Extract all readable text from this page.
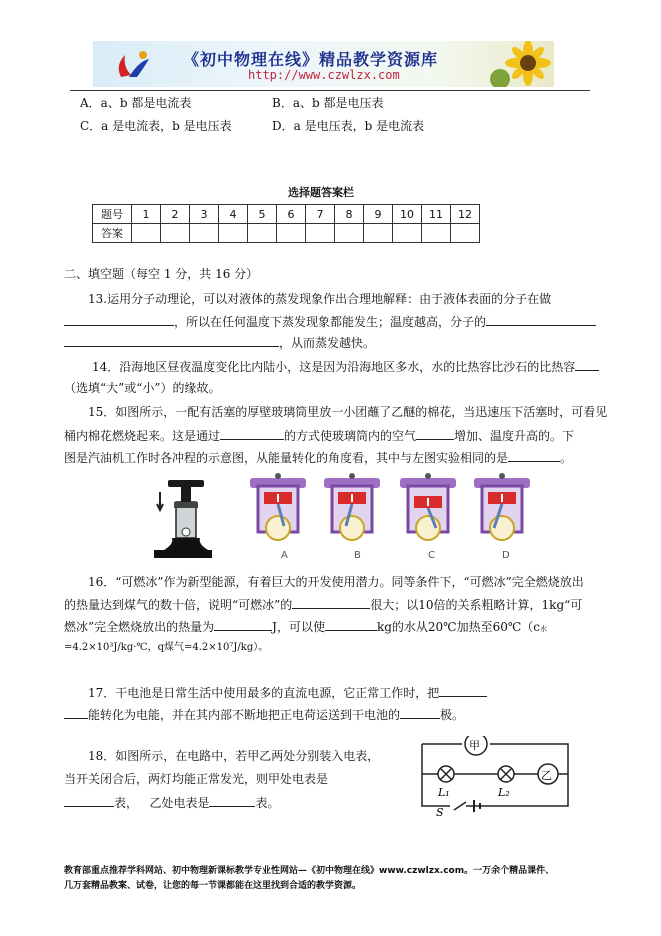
《初中物理在线》精品教学资源库
http://www.czwlzx.com
A．a、b 都是电流表	B．a、b 都是电压表
C．a 是电流表，b 是电压表	D．a 是电压表，b 是电流表
选择题答案栏
题号	1	2	3	4	5	6	7	8	9	10	11	12
答案												
二、填空题（每空 1 分，共 16 分）
13.运用分子动理论，可以对液体的蒸发现象作出合理地解释：由于液体表面的分子在做
，所以在任何温度下蒸发现象都能发生；温度越高，分子的
，从而蒸发越快。
14．沿海地区昼夜温度变化比内陆小，这是因为沿海地区多水，水的比热容比沙石的比热容
（选填“大”或“小”）的缘故。
15．如图所示，一配有活塞的厚壁玻璃筒里放一小团蘸了乙醚的棉花，当迅速压下活塞时，可看见
桶内棉花燃烧起来。这是通过	的方式使玻璃筒内的空气	增加、温度升高的。下
图是汽油机工作时各冲程的示意图，从能量转化的角度看，其中与左图实验相同的是	。
A	B	C	D
16．“可燃冰”作为新型能源，有着巨大的开发使用潜力。同等条件下，“可燃冰”完全燃烧放出
的热量达到煤气的数十倍，说明“可燃冰”的	很大；以10倍的关系粗略计算，1kg“可
燃冰”完全燃烧放出的热量为	J，可以使	kg的水从20℃加热至60℃（c水
=4.2×10³J/kg·℃，q煤气=4.2×10⁷J/kg）。
17．干电池是日常生活中使用最多的直流电源，它正常工作时，把
能转化为电能，并在其内部不断地把正电荷运送到干电池的	极。
18．如图所示，在电路中，若甲乙两处分别装入电表，
当开关闭合后，两灯均能正常发光，则甲处电表是
表， 乙处电表是	表。
甲
乙
L₁	L₂
S
教育部重点推荐学科网站、初中物理新课标教学专业性网站—《初中物理在线》www.czwlzx.com。一万余个精品课件、
几万套精品教案、试卷，让您的每一节课都能在这里找到合适的教学资源。
